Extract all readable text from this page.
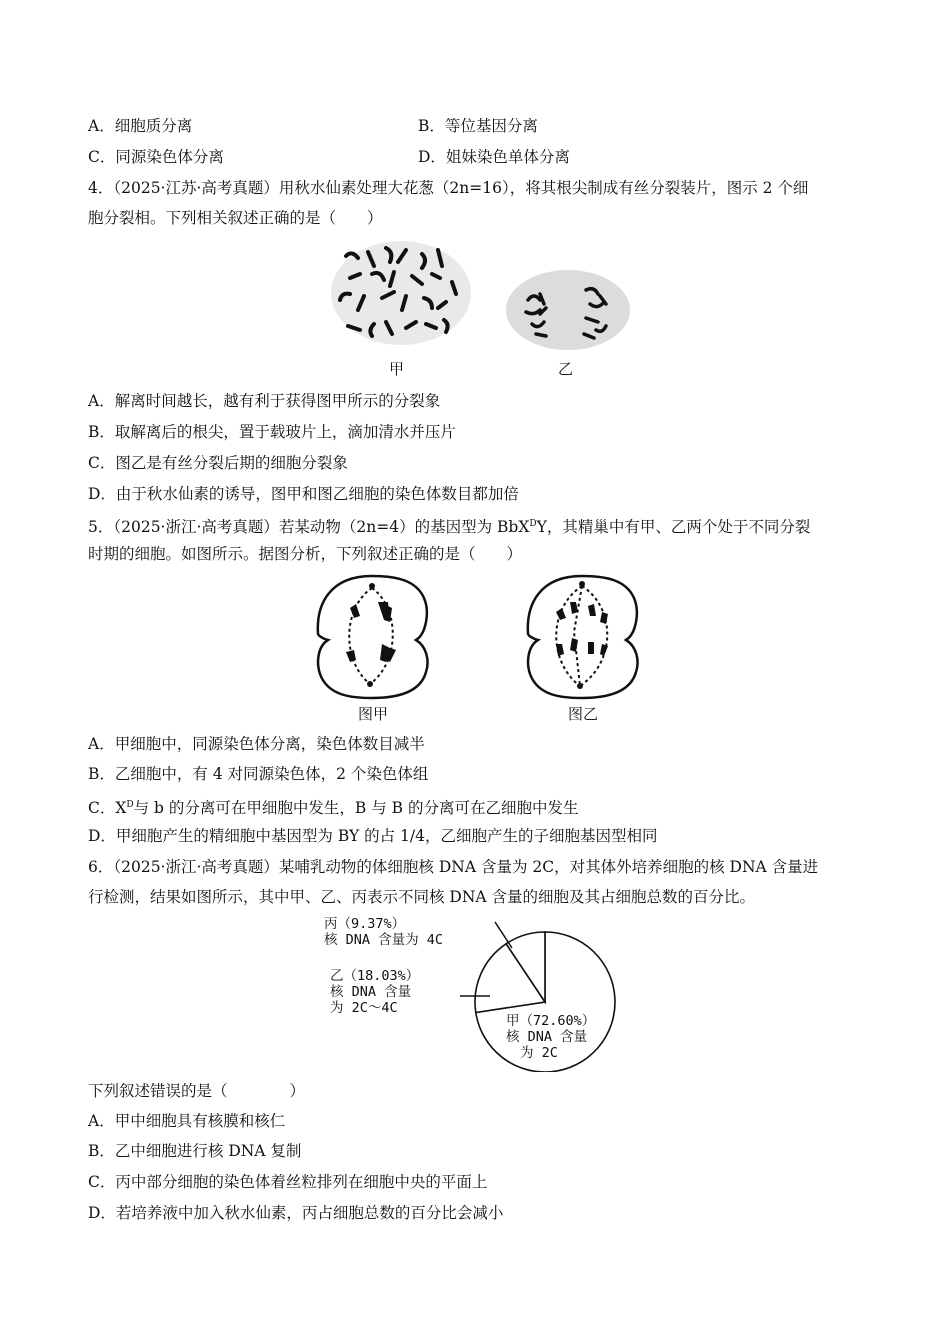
A．细胞质分离	B．等位基因分离
C．同源染色体分离	D．姐妹染色单体分离
4．（2025·江苏·高考真题）用秋水仙素处理大花葱（2n=16），将其根尖制成有丝分裂装片，图示 2 个细
胞分裂相。下列相关叙述正确的是（　　）
甲	乙
A．解离时间越长，越有利于获得图甲所示的分裂象
B．取解离后的根尖，置于载玻片上，滴加清水并压片
C．图乙是有丝分裂后期的细胞分裂象
D．由于秋水仙素的诱导，图甲和图乙细胞的染色体数目都加倍
5．（2025·浙江·高考真题）若某动物（2n=4）的基因型为 BbX$^D$Y，其精巢中有甲、乙两个处于不同分裂
时期的细胞。如图所示。据图分析，下列叙述正确的是（　　）
图甲	图乙
A．甲细胞中，同源染色体分离，染色体数目减半
B．乙细胞中，有 4 对同源染色体，2 个染色体组
C．$X^D$与 b 的分离可在甲细胞中发生，B 与 B 的分离可在乙细胞中发生
D．甲细胞产生的精细胞中基因型为 BY 的占 1/4，乙细胞产生的子细胞基因型相同
6．（2025·浙江·高考真题）某哺乳动物的体细胞核 DNA 含量为 2C，对其体外培养细胞的核 DNA 含量进
行检测，结果如图所示，其中甲、乙、丙表示不同核 DNA 含量的细胞及其占细胞总数的百分比。
丙（9.37%）
核 DNA 含量为 4C
乙（18.03%）
核 DNA 含量
为 2C～4C
甲（72.60%）
核 DNA 含量
为 2C
下列叙述错误的是（　　　　）
A．甲中细胞具有核膜和核仁
B．乙中细胞进行核 DNA 复制
C．丙中部分细胞的染色体着丝粒排列在细胞中央的平面上
D．若培养液中加入秋水仙素，丙占细胞总数的百分比会减小
